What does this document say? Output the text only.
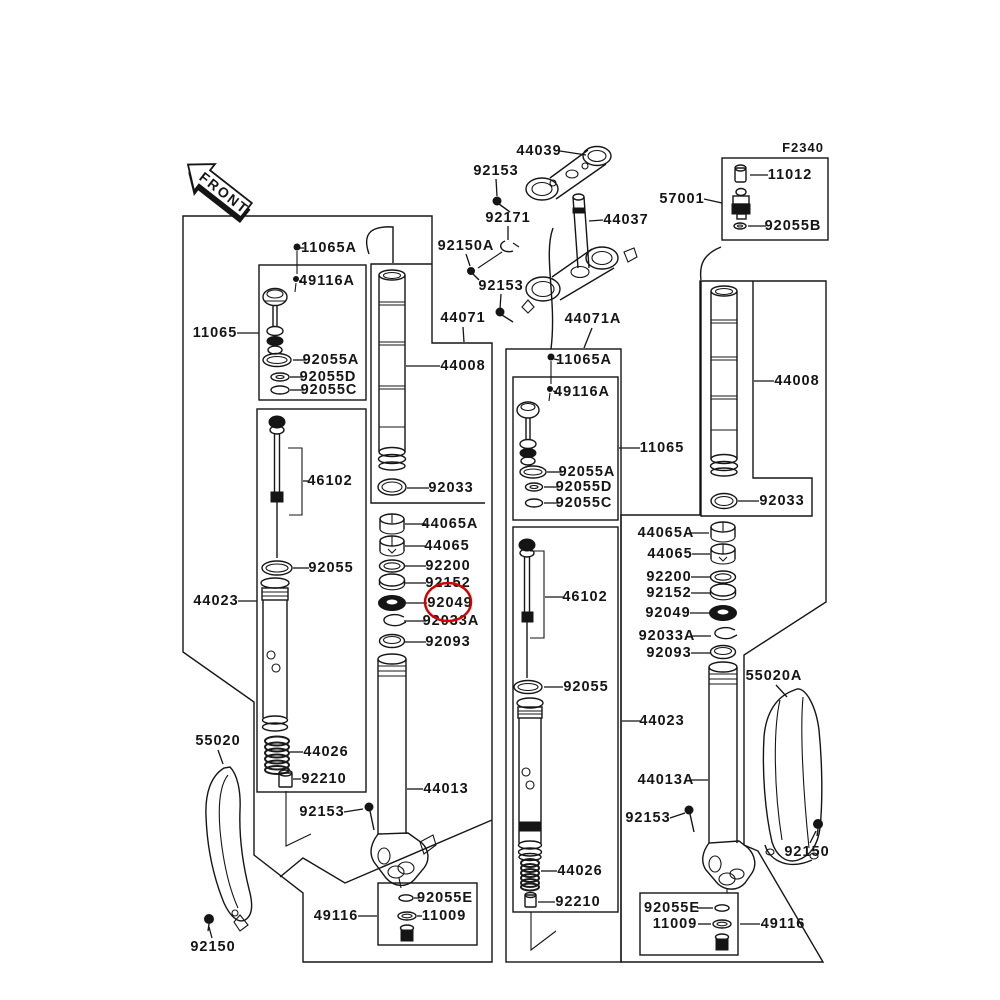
FRONT
F2340
44039
92153
92171	44037
57001
11012
92055B
92150A
92153
44071	44071A
11065A
49116A
11065
92055A
92055D
92055C
46102
92055
44023
44026
92210
55020
92150
92153
44008
92033
44065A
44065
92200
92152
92049
92033A
92093
44013
92055E
11009
49116
11065A
49116A
11065
92055A
92055D
92055C
46102
92055
44023
44026
92210
44008
92033
44065A
44065
92200
92152
92049
92033A
92093
55020A
44013A
92153
92150
92055E
11009	49116
